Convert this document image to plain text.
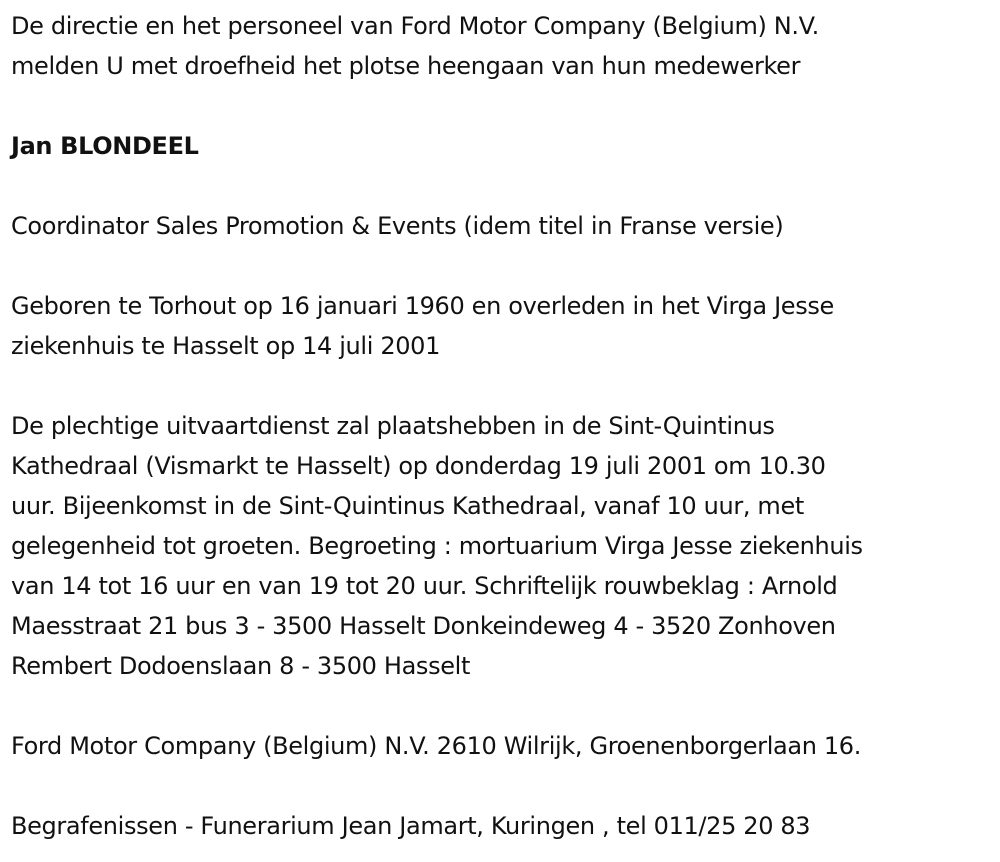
De directie en het personeel van Ford Motor Company (Belgium) N.V.
melden U met droefheid het plotse heengaan van hun medewerker

Jan BLONDEEL

Coordinator Sales Promotion & Events (idem titel in Franse versie)

Geboren te Torhout op 16 januari 1960 en overleden in het Virga Jesse
ziekenhuis te Hasselt op 14 juli 2001

De plechtige uitvaartdienst zal plaatshebben in de Sint-Quintinus
Kathedraal (Vismarkt te Hasselt) op donderdag 19 juli 2001 om 10.30
uur. Bijeenkomst in de Sint-Quintinus Kathedraal, vanaf 10 uur, met
gelegenheid tot groeten. Begroeting : mortuarium Virga Jesse ziekenhuis
van 14 tot 16 uur en van 19 tot 20 uur. Schriftelijk rouwbeklag : Arnold
Maesstraat 21 bus 3 - 3500 Hasselt Donkeindeweg 4 - 3520 Zonhoven
Rembert Dodoenslaan 8 - 3500 Hasselt

Ford Motor Company (Belgium) N.V. 2610 Wilrijk, Groenenborgerlaan 16.

Begrafenissen - Funerarium Jean Jamart, Kuringen , tel 011/25 20 83
